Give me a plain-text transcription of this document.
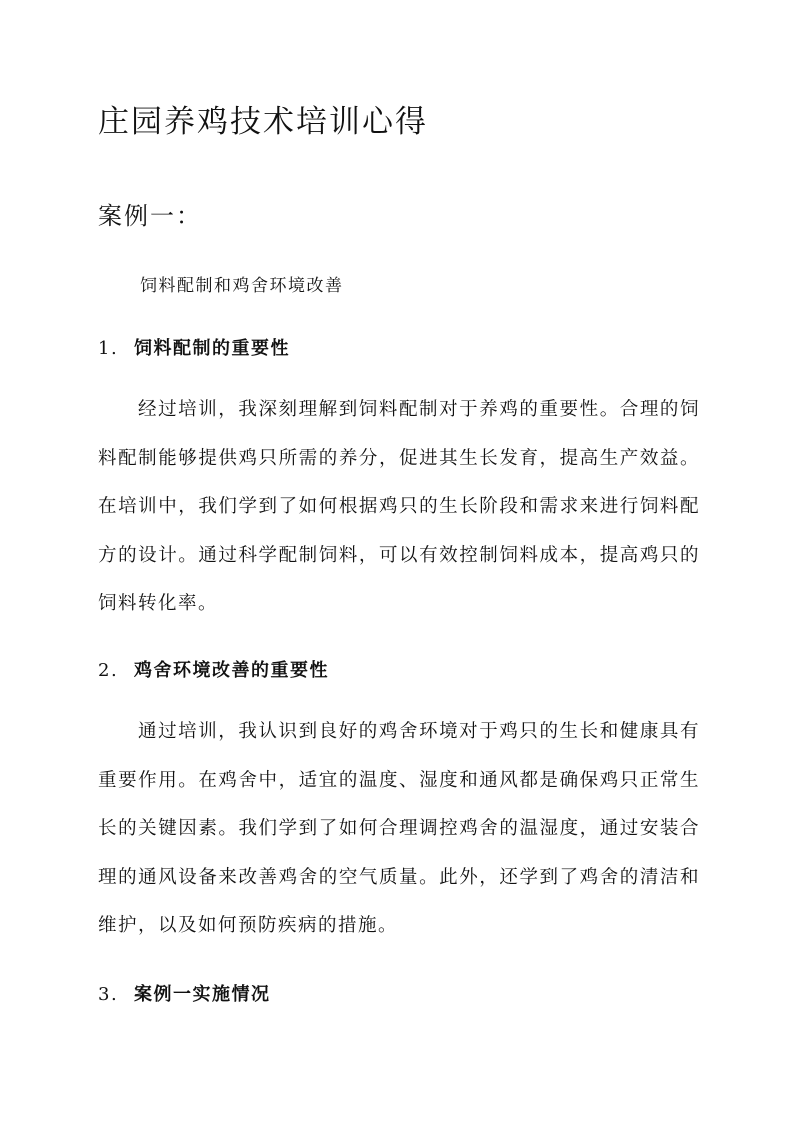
庄园养鸡技术培训心得
案例一：
饲料配制和鸡舍环境改善
1. 饲料配制的重要性

经过培训，我深刻理解到饲料配制对于养鸡的重要性。合理的饲料配制能够提供鸡只所需的养分，促进其生长发育，提高生产效益。在培训中，我们学到了如何根据鸡只的生长阶段和需求来进行饲料配方的设计。通过科学配制饲料，可以有效控制饲料成本，提高鸡只的饲料转化率。

2. 鸡舍环境改善的重要性

通过培训，我认识到良好的鸡舍环境对于鸡只的生长和健康具有重要作用。在鸡舍中，适宜的温度、湿度和通风都是确保鸡只正常生长的关键因素。我们学到了如何合理调控鸡舍的温湿度，通过安装合理的通风设备来改善鸡舍的空气质量。此外，还学到了鸡舍的清洁和维护，以及如何预防疾病的措施。

3. 案例一实施情况
